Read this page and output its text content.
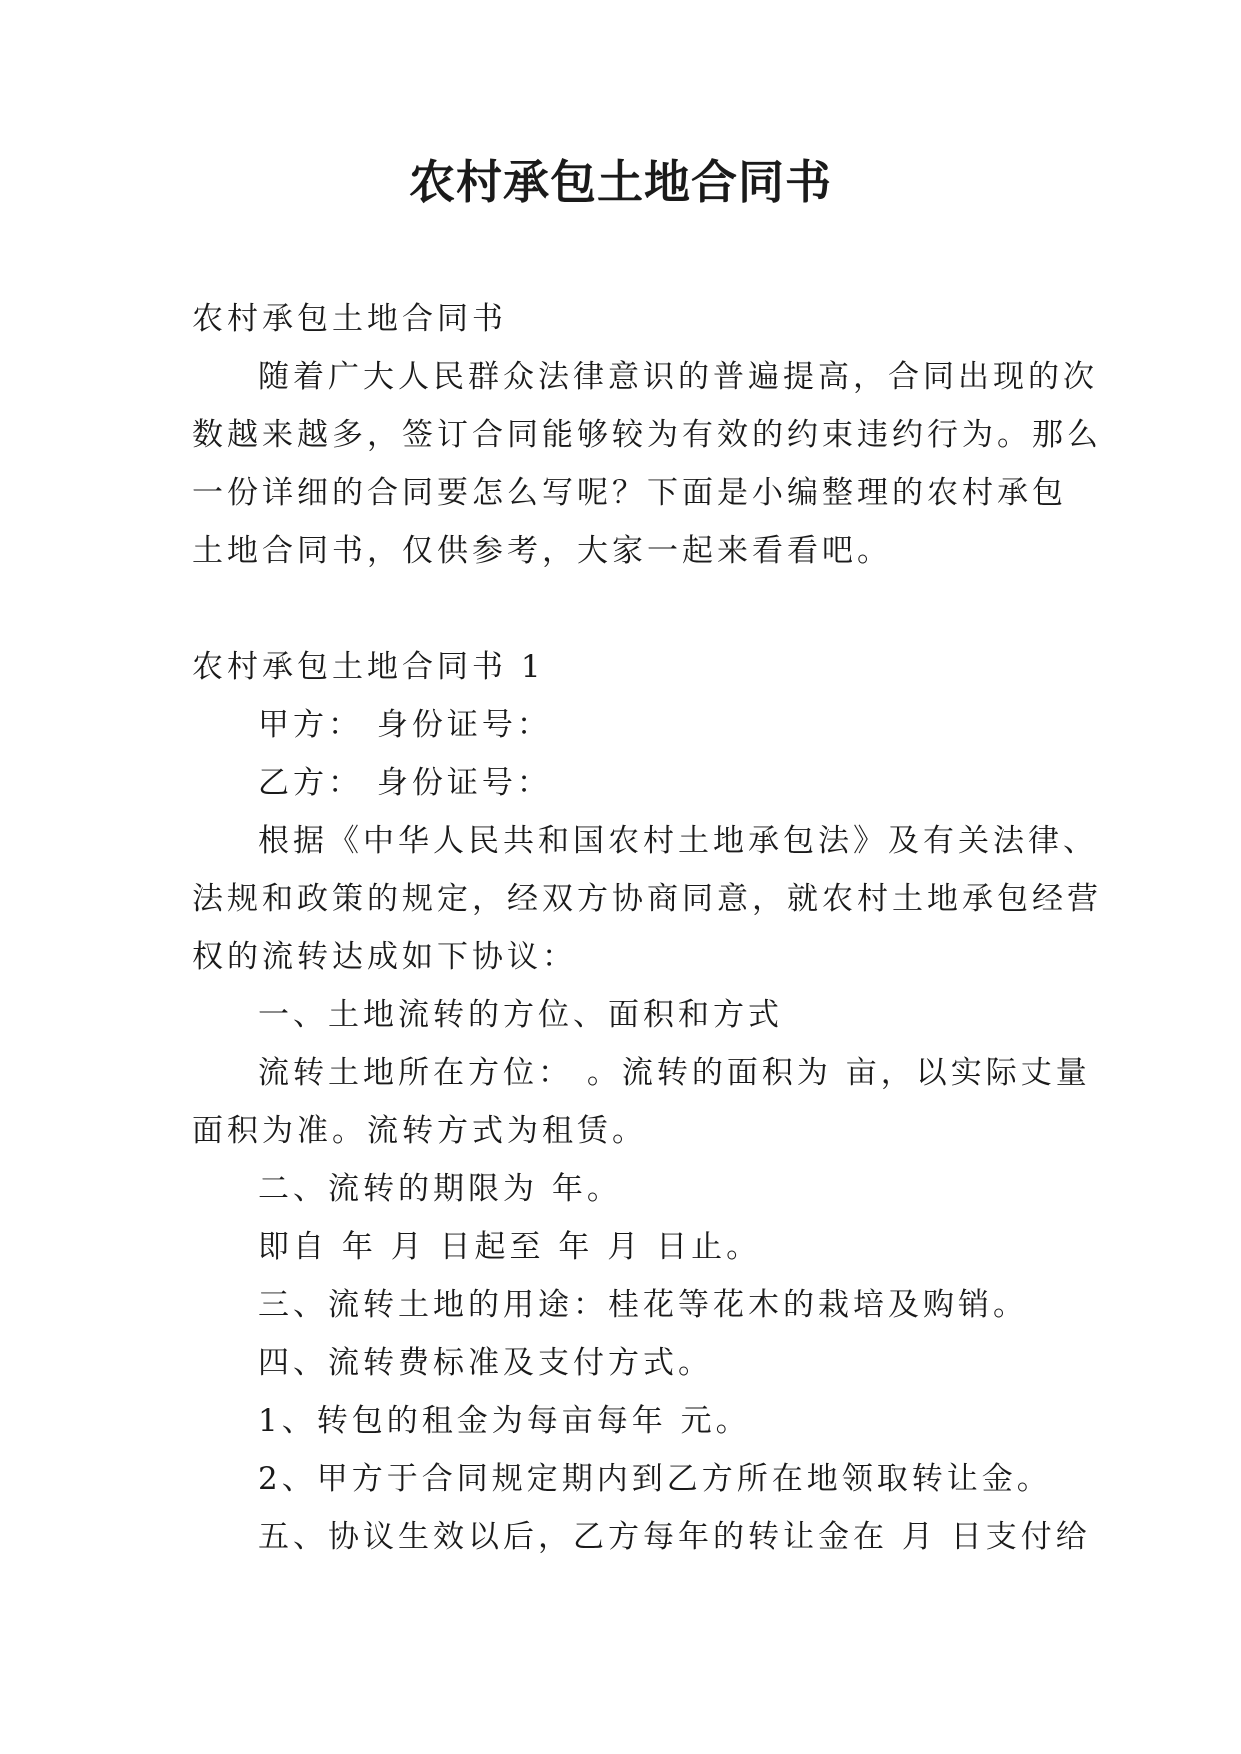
农村承包土地合同书

农村承包土地合同书

随着广大人民群众法律意识的普遍提高，合同出现的次

数越来越多，签订合同能够较为有效的约束违约行为。那么

一份详细的合同要怎么写呢？下面是小编整理的农村承包

土地合同书，仅供参考，大家一起来看看吧。

农村承包土地合同书 1

甲方： 身份证号：

乙方： 身份证号：

根据《中华人民共和国农村土地承包法》及有关法律、

法规和政策的规定，经双方协商同意，就农村土地承包经营

权的流转达成如下协议：

一、土地流转的方位、面积和方式

流转土地所在方位： 。流转的面积为 亩，以实际丈量

面积为准。流转方式为租赁。

二、流转的期限为 年。

即自 年 月 日起至 年 月 日止。

三、流转土地的用途：桂花等花木的栽培及购销。

四、流转费标准及支付方式。

1、转包的租金为每亩每年 元。

2、甲方于合同规定期内到乙方所在地领取转让金。

五、协议生效以后，乙方每年的转让金在 月 日支付给
